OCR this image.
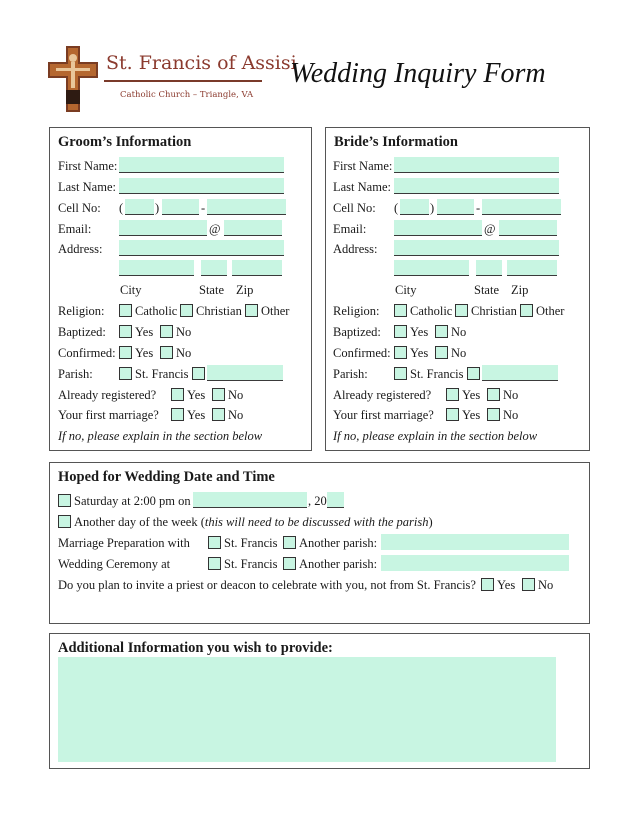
St. Francis of Assisi
Catholic Church – Triangle, VA
Wedding Inquiry Form
Groom’s Information
First Name:
Last Name:
Cell No: (	)	-
Email:	@
Address:
City	State Zip
Religion: Catholic Christian Other
Baptized: Yes No
Confirmed: Yes No
Parish:	St. Francis
Already registered? Yes No
Your first marriage? Yes No
If no, please explain in the section below
Bride’s Information
First Name:
Last Name:
Cell No: (	)	-
Email:	@
Address:
City	State Zip
Religion: Catholic Christian Other
Baptized: Yes No
Confirmed: Yes No
Parish:	St. Francis
Already registered? Yes No
Your first marriage? Yes No
If no, please explain in the section below
Hoped for Wedding Date and Time
Saturday at 2:00 pm on	, 20
Another day of the week (this will need to be discussed with the parish)
Marriage Preparation with	St. Francis Another parish:
Wedding Ceremony at	St. Francis Another parish:
Do you plan to invite a priest or deacon to celebrate with you, not from St. Francis? Yes No
Additional Information you wish to provide:
